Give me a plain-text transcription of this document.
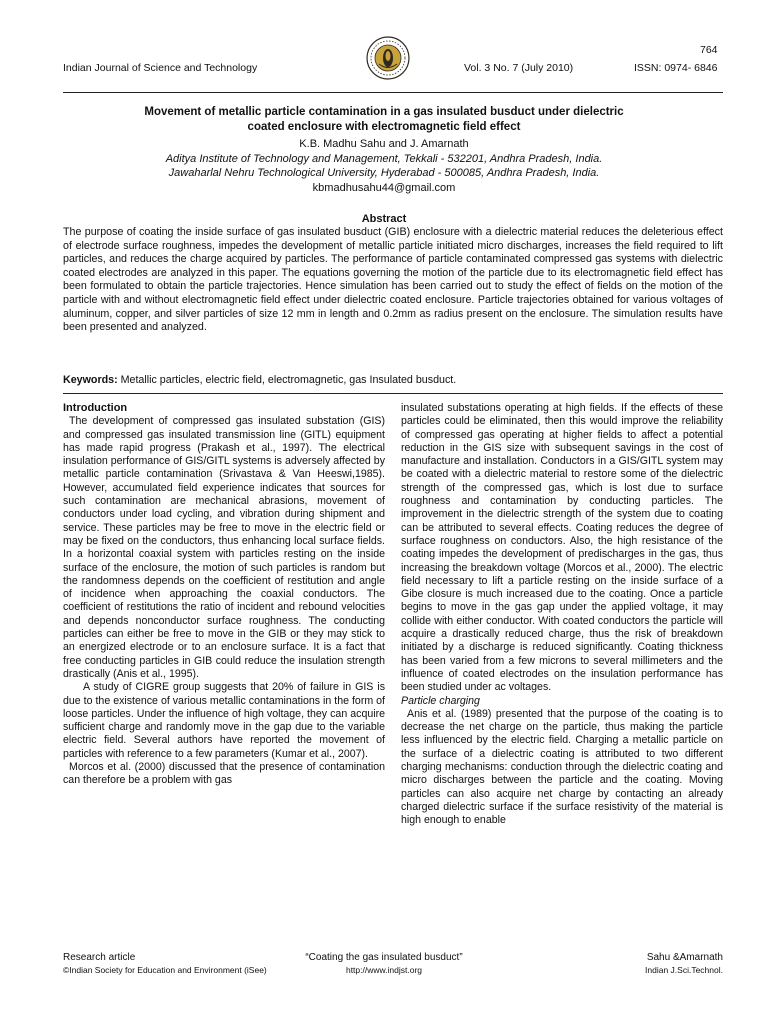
764
Indian Journal of Science and Technology	Vol. 3 No. 7 (July 2010)	ISSN: 0974- 6846
Movement of metallic particle contamination in a gas insulated busduct under dielectric
coated enclosure with electromagnetic field effect
K.B. Madhu Sahu and J. Amarnath
Aditya Institute of Technology and Management, Tekkali - 532201, Andhra Pradesh, India.
Jawaharlal Nehru Technological University, Hyderabad - 500085, Andhra Pradesh, India.
kbmadhusahu44@gmail.com
Abstract
The purpose of coating the inside surface of gas insulated busduct (GIB) enclosure with a dielectric material reduces the deleterious effect of electrode surface roughness, impedes the development of metallic particle initiated micro discharges, increases the field required to lift particles, and reduces the charge acquired by particles. The performance of particle contaminated compressed gas systems with dielectric coated electrodes are analyzed in this paper. The equations governing the motion of the particle due to its electromagnetic field effect has been formulated to obtain the particle trajectories. Hence simulation has been carried out to study the effect of fields on the motion of the particle with and without electromagnetic field effect under dielectric coated enclosure. Particle trajectories obtained for various voltages of aluminum, copper, and silver particles of size 12 mm in length and 0.2mm as radius present on the enclosure. The simulation results have been presented and analyzed.
Keywords: Metallic particles, electric field, electromagnetic, gas Insulated busduct.

Introduction

The development of compressed gas insulated substation (GIS) and compressed gas insulated transmission line (GITL) equipment has made rapid progress (Prakash et al., 1997). The electrical insulation performance of GIS/GITL systems is adversely affected by metallic particle contamination (Srivastava & Van Heeswi,1985). However, accumulated field experience indicates that sources for such contamination are mechanical abrasions, movement of conductors under load cycling, and vibration during shipment and service. These particles may be free to move in the electric field or may be fixed on the conductors, thus enhancing local surface fields. In a horizontal coaxial system with particles resting on the inside surface of the enclosure, the motion of such particles is random but the randomness depends on the coefficient of restitution and angle of incidence when approaching the coaxial conductors. The coefficient of restitutions the ratio of incident and rebound velocities and depends nonconductor surface roughness. The conducting particles can either be free to move in the GIB or they may stick to an energized electrode or to an enclosure surface. It is a fact that free conducting particles in GIB could reduce the insulation strength drastically (Anis et al., 1995).

A study of CIGRE group suggests that 20% of failure in GIS is due to the existence of various metallic contaminations in the form of loose particles. Under the influence of high voltage, they can acquire sufficient charge and randomly move in the gap due to the variable electric field. Several authors have reported the movement of particles with reference to a few parameters (Kumar et al., 2007).

Morcos et al. (2000) discussed that the presence of contamination can therefore be a problem with gas

insulated substations operating at high fields. If the effects of these particles could be eliminated, then this would improve the reliability of compressed gas operating at higher fields to affect a potential reduction in the GIS size with subsequent savings in the cost of manufacture and installation. Conductors in a GIS/GITL system may be coated with a dielectric material to restore some of the dielectric strength of the compressed gas, which is lost due to surface roughness and contamination by conducting particles. The improvement in the dielectric strength of the system due to coating can be attributed to several effects. Coating reduces the degree of surface roughness on conductors. Also, the high resistance of the coating impedes the development of predischarges in the gas, thus increasing the breakdown voltage (Morcos et al., 2000). The electric field necessary to lift a particle resting on the inside surface of a Gibe closure is much increased due to the coating. Once a particle begins to move in the gas gap under the applied voltage, it may collide with either conductor. With coated conductors the particle will acquire a drastically reduced charge, thus the risk of breakdown initiated by a discharge is reduced significantly. Coating thickness has been varied from a few microns to several millimeters and the influence of coated electrodes on the insulation performance has been studied under ac voltages.

Particle charging

Anis et al. (1989) presented that the purpose of the coating is to decrease the net charge on the particle, thus making the particle less influenced by the electric field. Charging a metallic particle on the surface of a dielectric coating is attributed to two different charging mechanisms: conduction through the dielectric coating and micro discharges between the particle and the coating. Moving particles can also acquire net charge by contacting an already charged dielectric surface if the surface resistivity of the material is high enough to enable

Research article
©Indian Society for Education and Environment (iSee)
“Coating the gas insulated busduct”
http://www.indjst.org
Sahu &Amarnath
Indian J.Sci.Technol.
